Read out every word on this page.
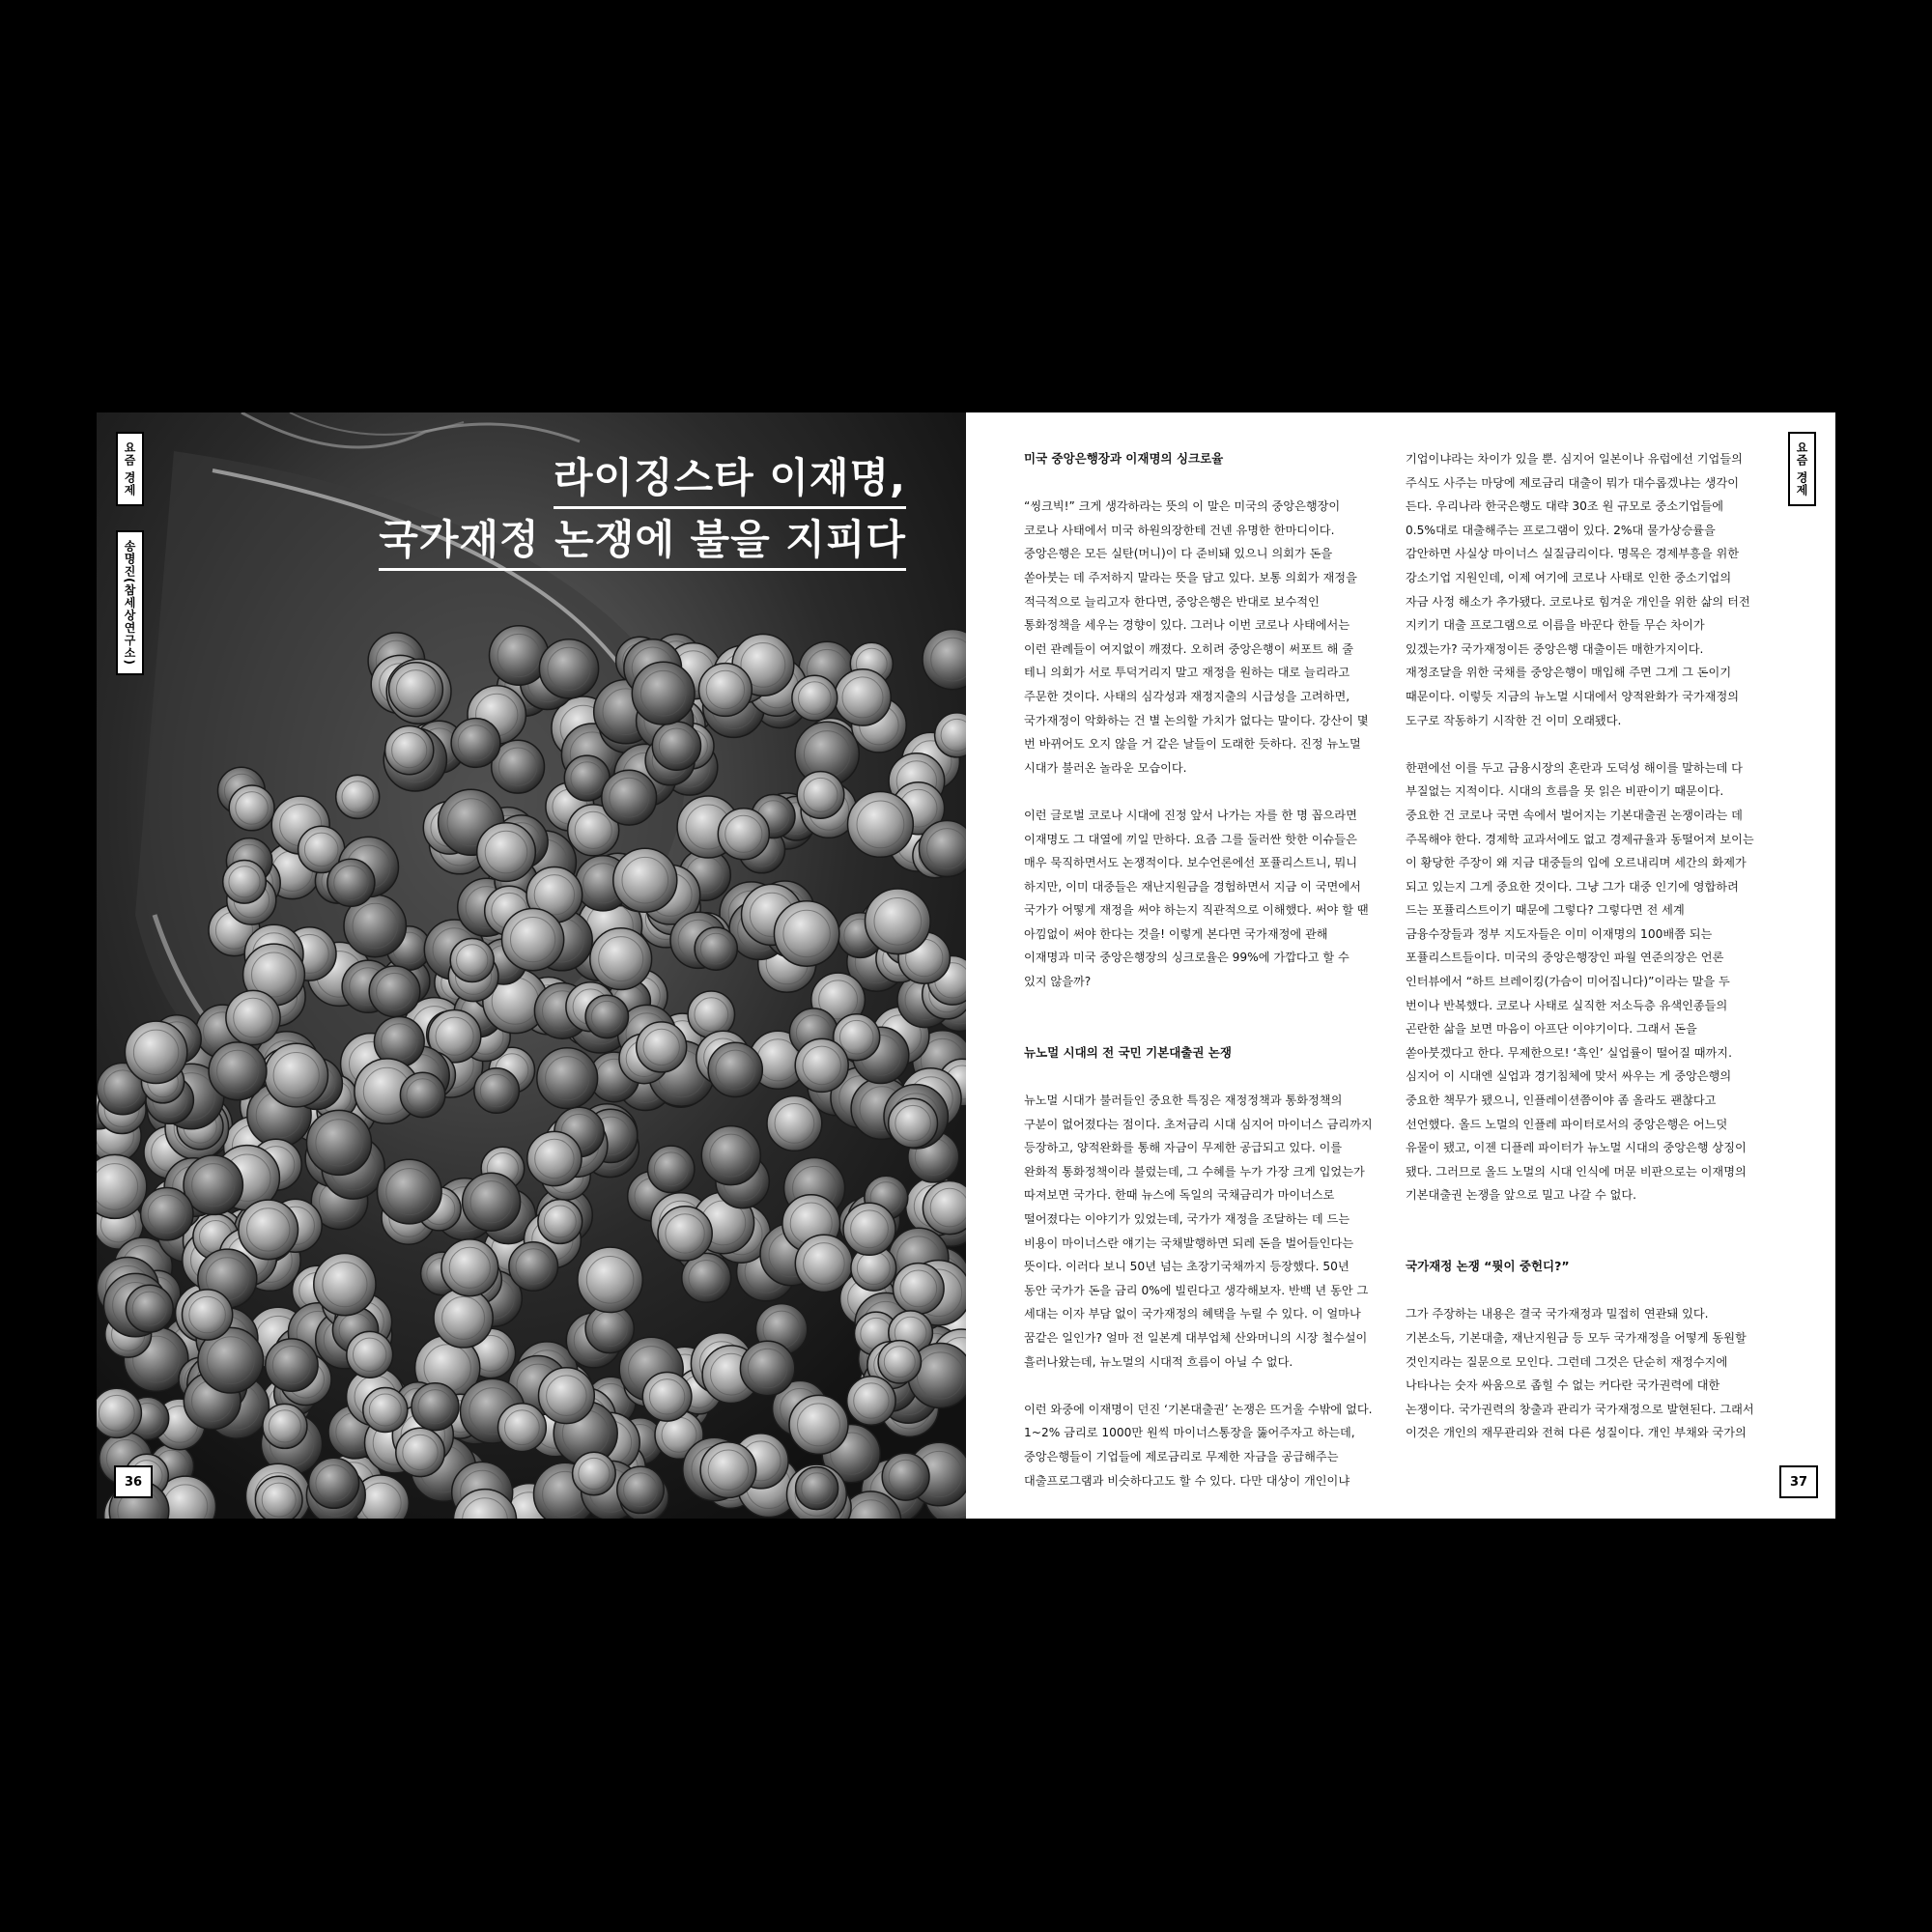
라이징스타 이재명,
국가재정 논쟁에 불을 지피다
요즘 경제
송명진(참세상연구소)
36
미국 중앙은행장과 이재명의 싱크로율

“씽크빅!” 크게 생각하라는 뜻의 이 말은 미국의 중앙은행장이 코로나 사태에서 미국 하원의장한테 건넨 유명한 한마디이다. 중앙은행은 모든 실탄(머니)이 다 준비돼 있으니 의회가 돈을 쏟아붓는 데 주저하지 말라는 뜻을 담고 있다. 보통 의회가 재정을 적극적으로 늘리고자 한다면, 중앙은행은 반대로 보수적인 통화정책을 세우는 경향이 있다. 그러나 이번 코로나 사태에서는 이런 관례들이 여지없이 깨졌다. 오히려 중앙은행이 써포트 해 줄 테니 의회가 서로 투덕거리지 말고 재정을 원하는 대로 늘리라고 주문한 것이다. 사태의 심각성과 재정지출의 시급성을 고려하면, 국가재정이 악화하는 건 별 논의할 가치가 없다는 말이다. 강산이 몇 번 바뀌어도 오지 않을 거 같은 날들이 도래한 듯하다. 진정 뉴노멀 시대가 불러온 놀라운 모습이다.

이런 글로벌 코로나 시대에 진정 앞서 나가는 자를 한 명 꼽으라면 이재명도 그 대열에 끼일 만하다. 요즘 그를 둘러싼 핫한 이슈들은 매우 묵직하면서도 논쟁적이다. 보수언론에선 포퓰리스트니, 뭐니 하지만, 이미 대중들은 재난지원금을 경험하면서 지금 이 국면에서 국가가 어떻게 재정을 써야 하는지 직관적으로 이해했다. 써야 할 땐 아낌없이 써야 한다는 것을! 이렇게 본다면 국가재정에 관해 이재명과 미국 중앙은행장의 싱크로율은 99%에 가깝다고 할 수 있지 않을까?

뉴노멀 시대의 전 국민 기본대출권 논쟁

뉴노멀 시대가 불러들인 중요한 특징은 재정정책과 통화정책의 구분이 없어졌다는 점이다. 초저금리 시대 심지어 마이너스 금리까지 등장하고, 양적완화를 통해 자금이 무제한 공급되고 있다. 이를 완화적 통화정책이라 불렀는데, 그 수혜를 누가 가장 크게 입었는가 따져보면 국가다. 한때 뉴스에 독일의 국채금리가 마이너스로 떨어졌다는 이야기가 있었는데, 국가가 재정을 조달하는 데 드는 비용이 마이너스란 얘기는 국채발행하면 되레 돈을 벌어들인다는 뜻이다. 이러다 보니 50년 넘는 초장기국채까지 등장했다. 50년 동안 국가가 돈을 금리 0%에 빌린다고 생각해보자. 반백 년 동안 그 세대는 이자 부담 없이 국가재정의 혜택을 누릴 수 있다. 이 얼마나 꿈같은 일인가? 얼마 전 일본계 대부업체 산와머니의 시장 철수설이 흘러나왔는데, 뉴노멀의 시대적 흐름이 아닐 수 없다.

이런 와중에 이재명이 던진 ‘기본대출권’ 논쟁은 뜨거울 수밖에 없다. 1~2% 금리로 1000만 원씩 마이너스통장을 뚫어주자고 하는데, 중앙은행들이 기업들에 제로금리로 무제한 자금을 공급해주는 대출프로그램과 비슷하다고도 할 수 있다. 다만 대상이 개인이냐

기업이냐라는 차이가 있을 뿐. 심지어 일본이나 유럽에선 기업들의 주식도 사주는 마당에 제로금리 대출이 뭐가 대수롭겠냐는 생각이 든다. 우리나라 한국은행도 대략 30조 원 규모로 중소기업들에 0.5%대로 대출해주는 프로그램이 있다. 2%대 물가상승률을 감안하면 사실상 마이너스 실질금리이다. 명목은 경제부흥을 위한 강소기업 지원인데, 이제 여기에 코로나 사태로 인한 중소기업의 자금 사정 해소가 추가됐다. 코로나로 힘겨운 개인을 위한 삶의 터전 지키기 대출 프로그램으로 이름을 바꾼다 한들 무슨 차이가 있겠는가? 국가재정이든 중앙은행 대출이든 매한가지이다. 재정조달을 위한 국채를 중앙은행이 매입해 주면 그게 그 돈이기 때문이다. 이렇듯 지금의 뉴노멀 시대에서 양적완화가 국가재정의 도구로 작동하기 시작한 건 이미 오래됐다.

한편에선 이를 두고 금융시장의 혼란과 도덕성 해이를 말하는데 다 부질없는 지적이다. 시대의 흐름을 못 읽은 비판이기 때문이다. 중요한 건 코로나 국면 속에서 벌어지는 기본대출권 논쟁이라는 데 주목해야 한다. 경제학 교과서에도 없고 경제규율과 동떨어져 보이는 이 황당한 주장이 왜 지금 대중들의 입에 오르내리며 세간의 화제가 되고 있는지 그게 중요한 것이다. 그냥 그가 대중 인기에 영합하려 드는 포퓰리스트이기 때문에 그렇다? 그렇다면 전 세계 금융수장들과 정부 지도자들은 이미 이재명의 100배쯤 되는 포퓰리스트들이다. 미국의 중앙은행장인 파월 연준의장은 언론 인터뷰에서 “하트 브레이킹(가슴이 미어집니다)”이라는 말을 두 번이나 반복했다. 코로나 사태로 실직한 저소득층 유색인종들의 곤란한 삶을 보면 마음이 아프단 이야기이다. 그래서 돈을 쏟아붓겠다고 한다. 무제한으로! ‘흑인’ 실업률이 떨어질 때까지. 심지어 이 시대엔 실업과 경기침체에 맞서 싸우는 게 중앙은행의 중요한 책무가 됐으니, 인플레이션쯤이야 좀 올라도 괜찮다고 선언했다. 올드 노멀의 인플레 파이터로서의 중앙은행은 어느덧 유물이 됐고, 이젠 디플레 파이터가 뉴노멀 시대의 중앙은행 상징이 됐다. 그러므로 올드 노멀의 시대 인식에 머문 비판으로는 이재명의 기본대출권 논쟁을 앞으로 밀고 나갈 수 없다.

국가재정 논쟁 “뭣이 중헌디?”

그가 주장하는 내용은 결국 국가재정과 밀접히 연관돼 있다. 기본소득, 기본대출, 재난지원금 등 모두 국가재정을 어떻게 동원할 것인지라는 질문으로 모인다. 그런데 그것은 단순히 재정수지에 나타나는 숫자 싸움으로 좁힐 수 없는 커다란 국가권력에 대한 논쟁이다. 국가권력의 창출과 관리가 국가재정으로 발현된다. 그래서 이것은 개인의 재무관리와 전혀 다른 성질이다. 개인 부채와 국가의

요즘 경제
37
